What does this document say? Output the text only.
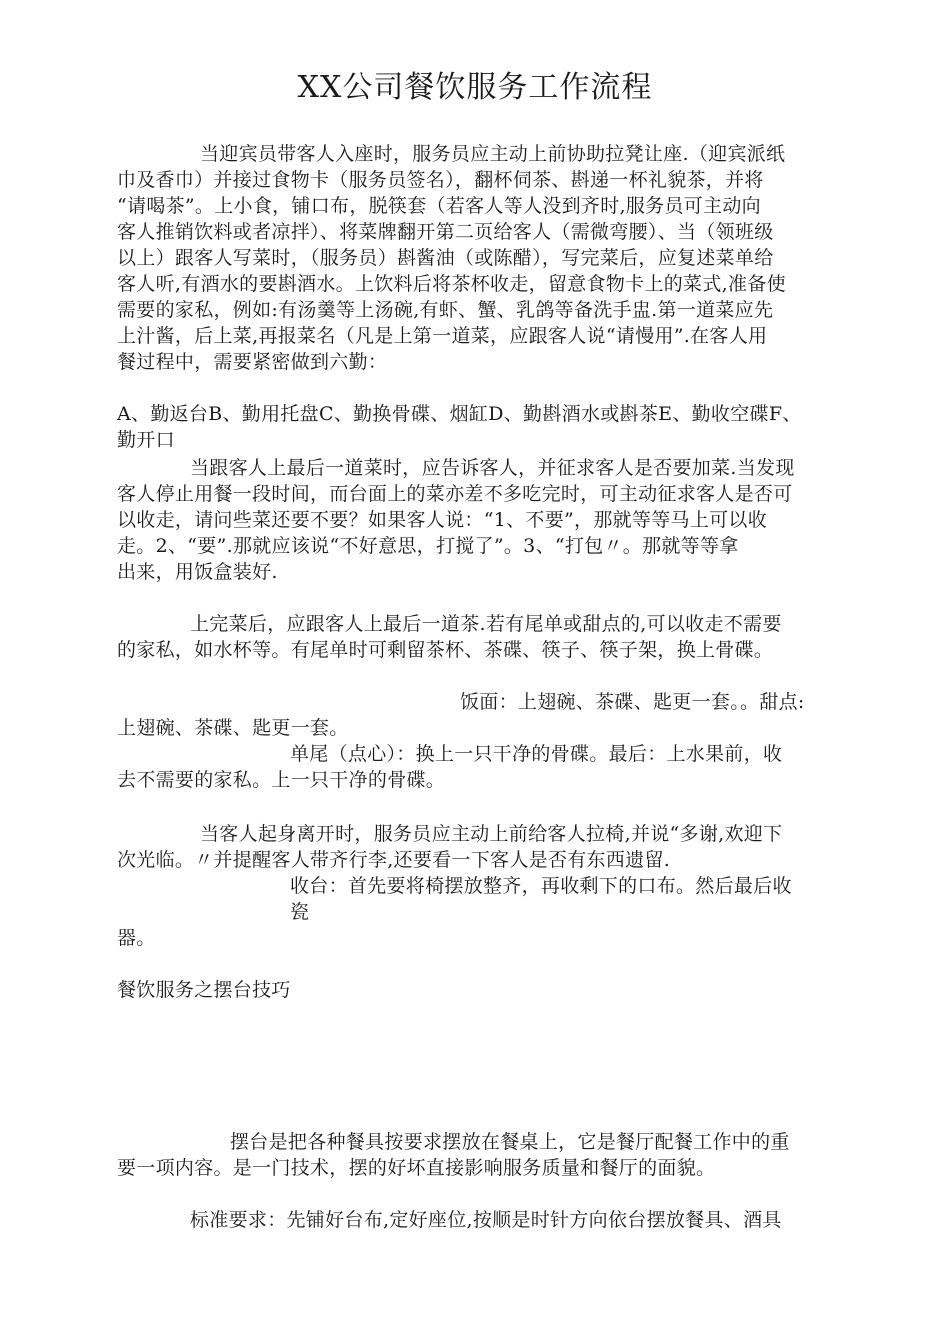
XX公司餐饮服务工作流程
当迎宾员带客人入座时，服务员应主动上前协助拉凳让座.（迎宾派纸
巾及香巾）并接过食物卡（服务员签名），翻杯伺茶、斟递一杯礼貌茶，并将
“请喝茶”。上小食，铺口布，脱筷套（若客人等人没到齐时,服务员可主动向
客人推销饮料或者凉拌）、将菜牌翻开第二页给客人（需微弯腰）、当（领班级
以上）跟客人写菜时，（服务员）斟酱油（或陈醋），写完菜后，应复述菜单给
客人听,有酒水的要斟酒水。上饮料后将茶杯收走，留意食物卡上的菜式,准备使
需要的家私，例如:有汤羹等上汤碗,有虾、蟹、乳鸽等备洗手盅.第一道菜应先
上汁酱，后上菜,再报菜名（凡是上第一道菜，应跟客人说“请慢用”.在客人用
餐过程中，需要紧密做到六勤：
A、勤返台B、勤用托盘C、勤换骨碟、烟缸D、勤斟酒水或斟茶E、勤收空碟F、
勤开口
当跟客人上最后一道菜时，应告诉客人，并征求客人是否要加菜.当发现
客人停止用餐一段时间，而台面上的菜亦差不多吃完时，可主动征求客人是否可
以收走，请问些菜还要不要？如果客人说：“1、不要”，那就等等马上可以收
走。2、“要”.那就应该说“不好意思，打搅了”。3、“打包〃。那就等等拿
出来，用饭盒装好.
上完菜后，应跟客人上最后一道茶.若有尾单或甜点的,可以收走不需要
的家私，如水杯等。有尾单时可剩留茶杯、茶碟、筷子、筷子架，换上骨碟。
饭面：上翅碗、茶碟、匙更一套。。甜点:
上翅碗、茶碟、匙更一套。
单尾（点心）：换上一只干净的骨碟。最后：上水果前，收
去不需要的家私。上一只干净的骨碟。
当客人起身离开时，服务员应主动上前给客人拉椅,并说“多谢,欢迎下
次光临。〃并提醒客人带齐行李,还要看一下客人是否有东西遗留.
收台：首先要将椅摆放整齐，再收剩下的口布。然后最后收
瓷
器。
餐饮服务之摆台技巧
摆台是把各种餐具按要求摆放在餐桌上，它是餐厅配餐工作中的重
要一项内容。是一门技术，摆的好坏直接影响服务质量和餐厅的面貌。
标准要求：先铺好台布,定好座位,按顺是时针方向依台摆放餐具、酒具
